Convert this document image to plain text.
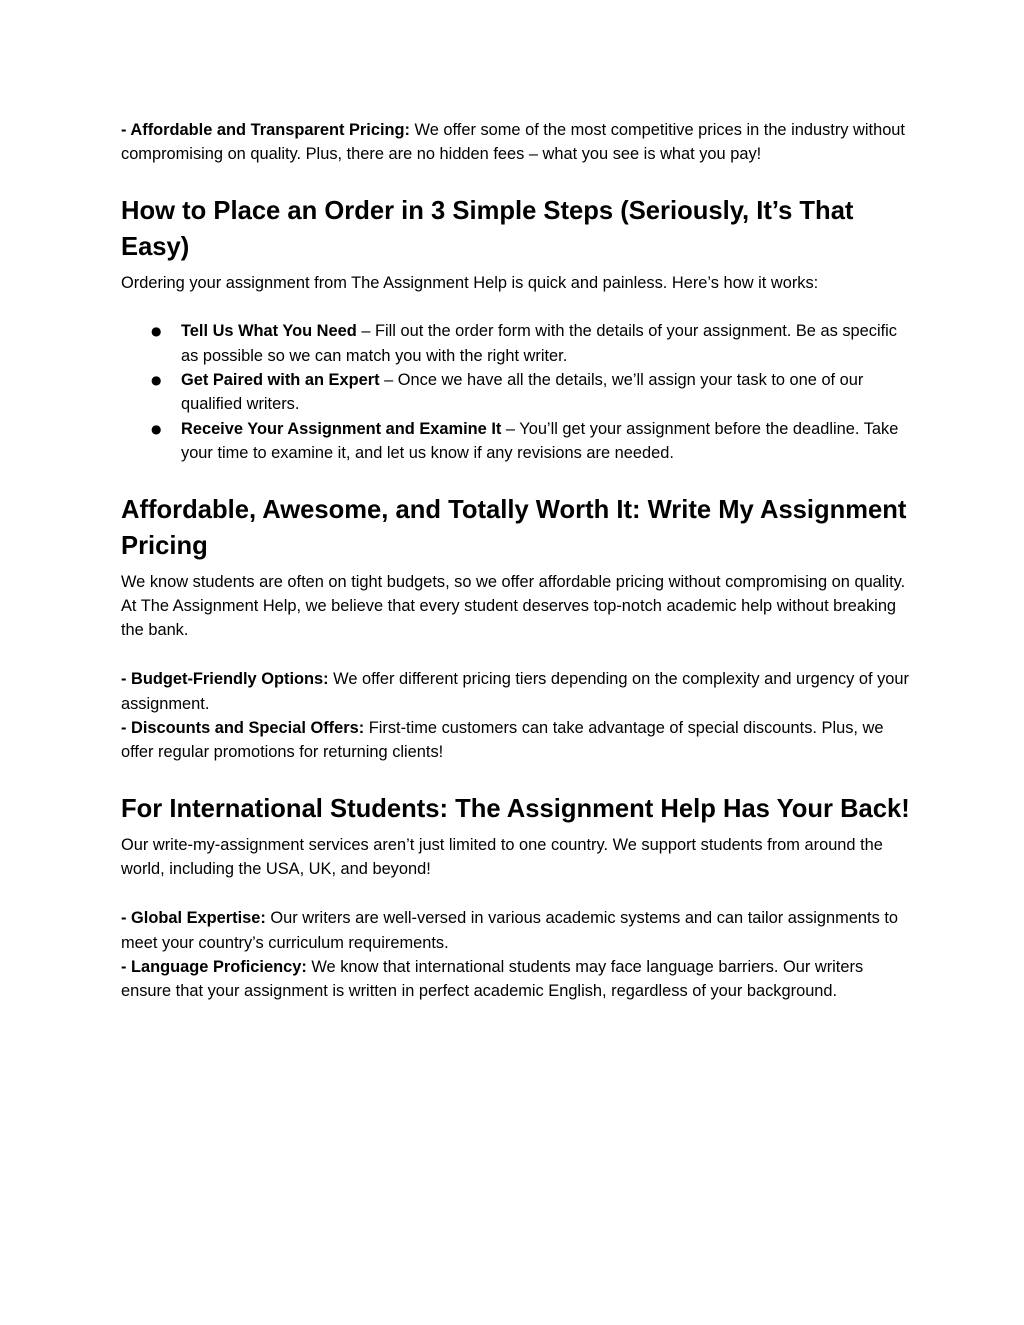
- Affordable and Transparent Pricing: We offer some of the most competitive prices in the industry without compromising on quality. Plus, there are no hidden fees – what you see is what you pay!

How to Place an Order in 3 Simple Steps (Seriously, It’s That Easy)

Ordering your assignment from The Assignment Help is quick and painless. Here’s how it works:

● Tell Us What You Need – Fill out the order form with the details of your assignment. Be as specific as possible so we can match you with the right writer.
● Get Paired with an Expert – Once we have all the details, we’ll assign your task to one of our qualified writers.
● Receive Your Assignment and Examine It – You’ll get your assignment before the deadline. Take your time to examine it, and let us know if any revisions are needed.
Affordable, Awesome, and Totally Worth It: Write My Assignment Pricing

We know students are often on tight budgets, so we offer affordable pricing without compromising on quality. At The Assignment Help, we believe that every student deserves top-notch academic help without breaking the bank.

- Budget-Friendly Options: We offer different pricing tiers depending on the complexity and urgency of your assignment.

- Discounts and Special Offers: First-time customers can take advantage of special discounts. Plus, we offer regular promotions for returning clients!

For International Students: The Assignment Help Has Your Back!

Our write-my-assignment services aren’t just limited to one country. We support students from around the world, including the USA, UK, and beyond!

- Global Expertise: Our writers are well-versed in various academic systems and can tailor assignments to meet your country’s curriculum requirements.

- Language Proficiency: We know that international students may face language barriers. Our writers ensure that your assignment is written in perfect academic English, regardless of your background.
